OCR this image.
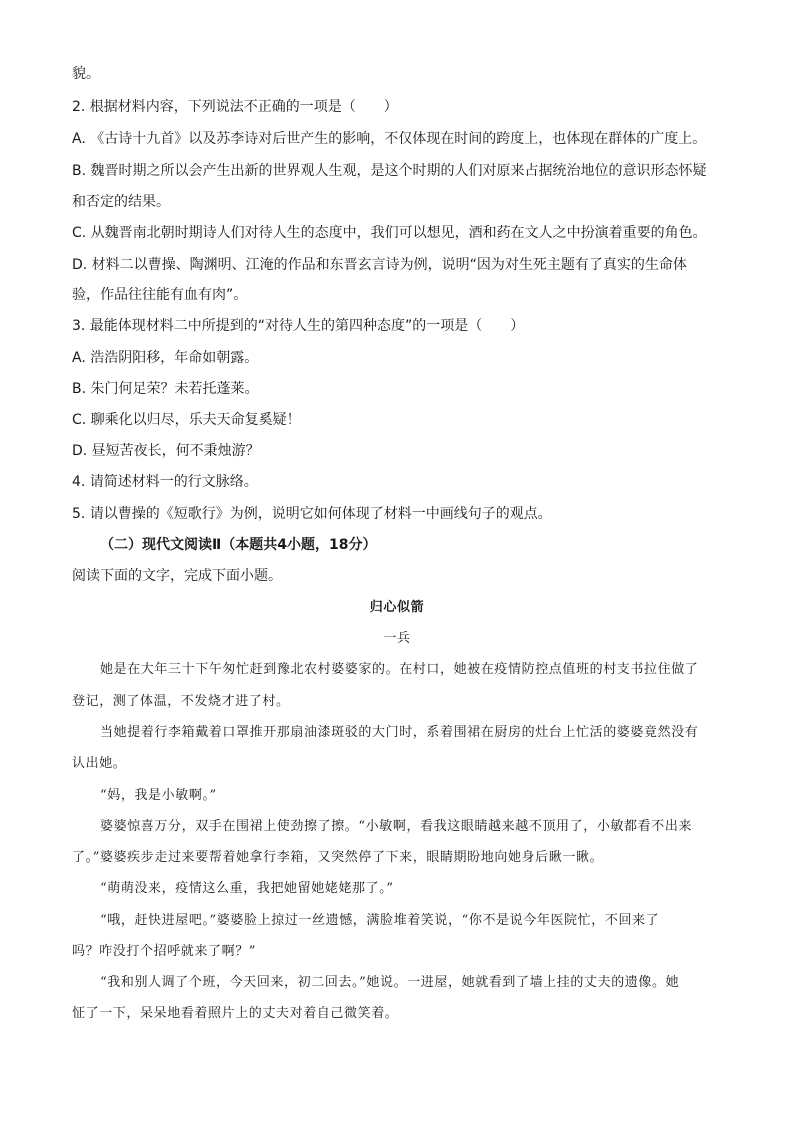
貌。
2. 根据材料内容，下列说法不正确的一项是（　　）
A. 《古诗十九首》以及苏李诗对后世产生的影响，不仅体现在时间的跨度上，也体现在群体的广度上。
B. 魏晋时期之所以会产生出新的世界观人生观，是这个时期的人们对原来占据统治地位的意识形态怀疑
和否定的结果。
C. 从魏晋南北朝时期诗人们对待人生的态度中，我们可以想见，酒和药在文人之中扮演着重要的角色。
D. 材料二以曹操、陶渊明、江淹的作品和东晋玄言诗为例，说明“因为对生死主题有了真实的生命体
验，作品往往能有血有肉”。
3. 最能体现材料二中所提到的“对待人生的第四种态度”的一项是（　　）
A. 浩浩阴阳移，年命如朝露。
B. 朱门何足荣？未若托蓬莱。
C. 聊乘化以归尽，乐夫天命复奚疑！
D. 昼短苦夜长，何不秉烛游？
4. 请简述材料一的行文脉络。
5. 请以曹操的《短歌行》为例，说明它如何体现了材料一中画线句子的观点。
（二）现代文阅读Ⅱ（本题共4小题，18分）
阅读下面的文字，完成下面小题。
归心似箭
一兵
她是在大年三十下午匆忙赶到豫北农村婆婆家的。在村口，她被在疫情防控点值班的村支书拉住做了
登记，测了体温，不发烧才进了村。
当她提着行李箱戴着口罩推开那扇油漆斑驳的大门时，系着围裙在厨房的灶台上忙活的婆婆竟然没有
认出她。
“妈，我是小敏啊。”
婆婆惊喜万分，双手在围裙上使劲擦了擦。“小敏啊，看我这眼睛越来越不顶用了，小敏都看不出来
了。”婆婆疾步走过来要帮着她拿行李箱，又突然停了下来，眼睛期盼地向她身后瞅一瞅。
“萌萌没来，疫情这么重，我把她留她姥姥那了。”
“哦，赶快进屋吧。”婆婆脸上掠过一丝遗憾，满脸堆着笑说，“你不是说今年医院忙，不回来了
吗？咋没打个招呼就来了啊？”
“我和别人调了个班，今天回来，初二回去。”她说。一进屋，她就看到了墙上挂的丈夫的遗像。她
怔了一下，呆呆地看着照片上的丈夫对着自己微笑着。
